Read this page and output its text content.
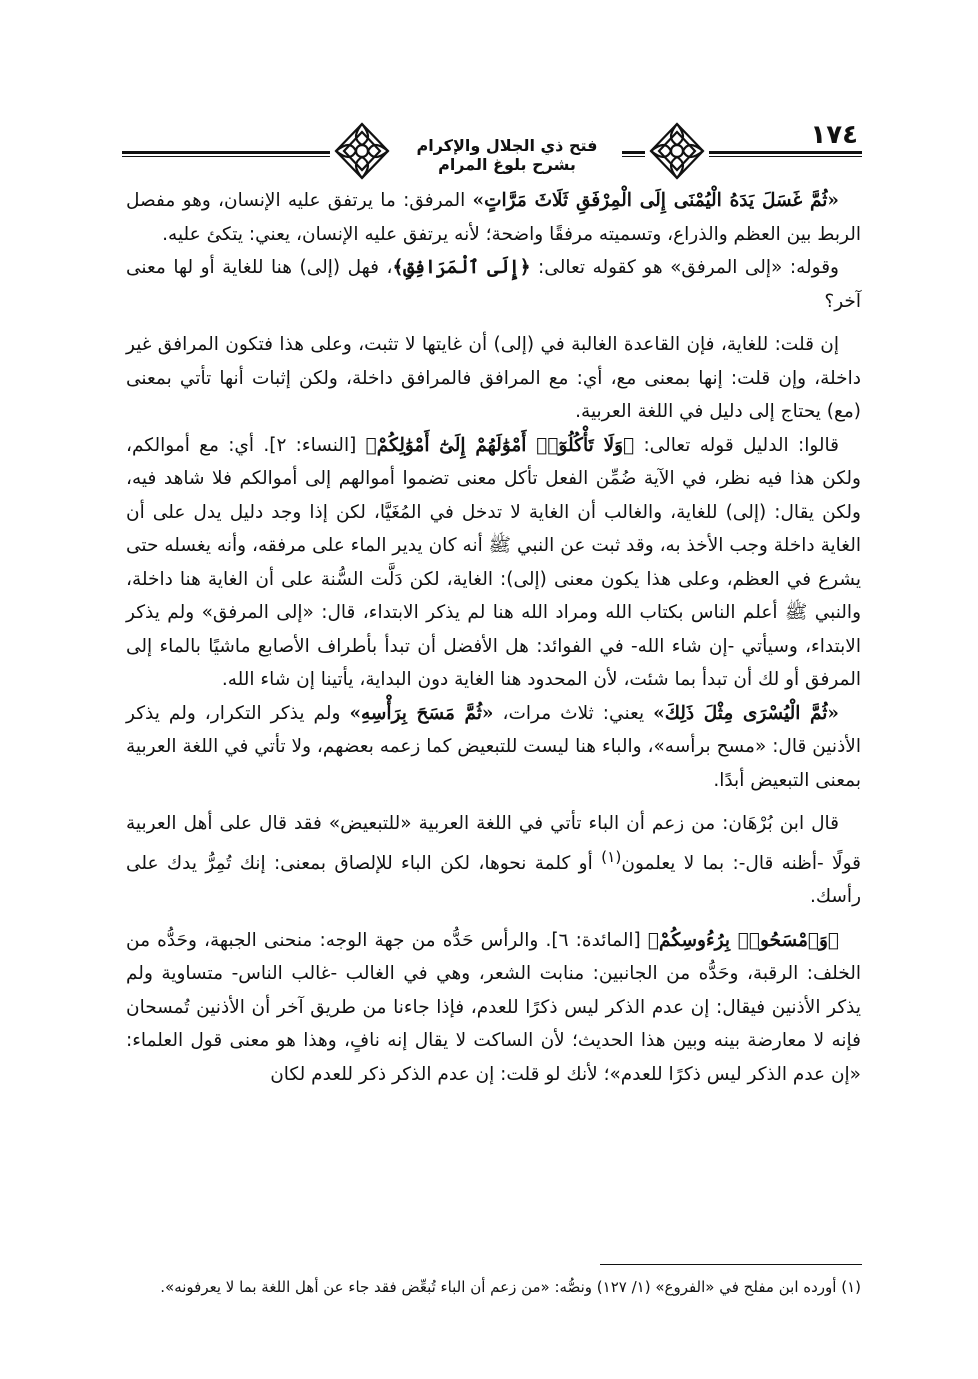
فتح ذي الجلال والإكرام بشرح بلوغ المرام
١٧٤

«ثُمَّ غَسَلَ يَدَهُ الْيُمْنَى إِلَى الْمِرْفَقِ ثَلَاثَ مَرَّاتٍ» المرفق: ما يرتفق عليه الإنسان، وهو مفصل الربط بين العظم والذراع، وتسميته مرفقًا واضحة؛ لأنه يرتفق عليه الإنسان، يعني: يتكئ عليه.

وقوله: «إلى المرفق» هو كقوله تعالى: ﴿إِلَى ٱلْمَرَافِقِ﴾، فهل (إلى) هنا للغاية أو لها معنى آخر؟

إن قلت: للغاية، فإن القاعدة الغالبة في (إلى) أن غايتها لا تثبت، وعلى هذا فتكون المرافق غير داخلة، وإن قلت: إنها بمعنى مع، أي: مع المرافق فالمرافق داخلة، ولكن إثبات أنها تأتي بمعنى (مع) يحتاج إلى دليل في اللغة العربية.

قالوا: الدليل قوله تعالى: ﴿وَلَا تَأْكُلُوٓا۟ أَمْوَٰلَهُمْ إِلَىٰٓ أَمْوَٰلِكُمْ﴾ [النساء: ٢]. أي: مع أموالكم، ولكن هذا فيه نظر، في الآية ضُمِّن الفعل تأكل معنى تضموا أموالهم إلى أموالكم فلا شاهد فيه، ولكن يقال: (إلى) للغاية، والغالب أن الغاية لا تدخل في المُغَيَّا، لكن إذا وجد دليل يدل على أن الغاية داخلة وجب الأخذ به، وقد ثبت عن النبي ﷺ أنه كان يدير الماء على مرفقه، وأنه يغسله حتى يشرع في العظم، وعلى هذا يكون معنى (إلى): الغاية، لكن دَلَّت السُّنة على أن الغاية هنا داخلة، والنبي ﷺ أعلم الناس بكتاب الله ومراد الله هنا لم يذكر الابتداء، قال: «إلى المرفق» ولم يذكر الابتداء، وسيأتي -إن شاء الله- في الفوائد: هل الأفضل أن تبدأ بأطراف الأصابع ماشيًا بالماء إلى المرفق أو لك أن تبدأ بما شئت، لأن المحدود هنا الغاية دون البداية، يأتينا إن شاء الله.

«ثُمَّ الْيُسْرَى مِثْلَ ذَلِكَ» يعني: ثلاث مرات، «ثُمَّ مَسَحَ بِرَأْسِهِ» ولم يذكر التكرار، ولم يذكر الأذنين قال: «مسح برأسه»، والباء هنا ليست للتبعيض كما زعمه بعضهم، ولا تأتي في اللغة العربية بمعنى التبعيض أبدًا.

قال ابن بُرْهَان: من زعم أن الباء تأتي في اللغة العربية «للتبعيض» فقد قال على أهل العربية قولًا -أظنه قال-: بما لا يعلمون$^{(١)}$ أو كلمة نحوها، لكن الباء للإلصاق بمعنى: إنك تُمِرُّ يدك على رأسك.

﴿وَٱمْسَحُوا۟ بِرُءُوسِكُمْ﴾ [المائدة: ٦]. والرأس حَدُّه من جهة الوجه: منحنى الجبهة، وحَدُّه من الخلف: الرقبة، وحَدُّه من الجانبين: منابت الشعر، وهي في الغالب -غالب الناس- متساوية ولم يذكر الأذنين فيقال: إن عدم الذكر ليس ذكرًا للعدم، فإذا جاءنا من طريق آخر أن الأذنين تُمسحان فإنه لا معارضة بينه وبين هذا الحديث؛ لأن الساكت لا يقال إنه نافٍ، وهذا هو معنى قول العلماء: «إن عدم الذكر ليس ذكرًا للعدم»؛ لأنك لو قلت: إن عدم الذكر ذكر للعدم لكان

(١) أورده ابن مفلح في «الفروع» (١/ ١٢٧) ونصُّه: «من زعم أن الباء تُبعِّض فقد جاء عن أهل اللغة بما لا يعرفونه».
